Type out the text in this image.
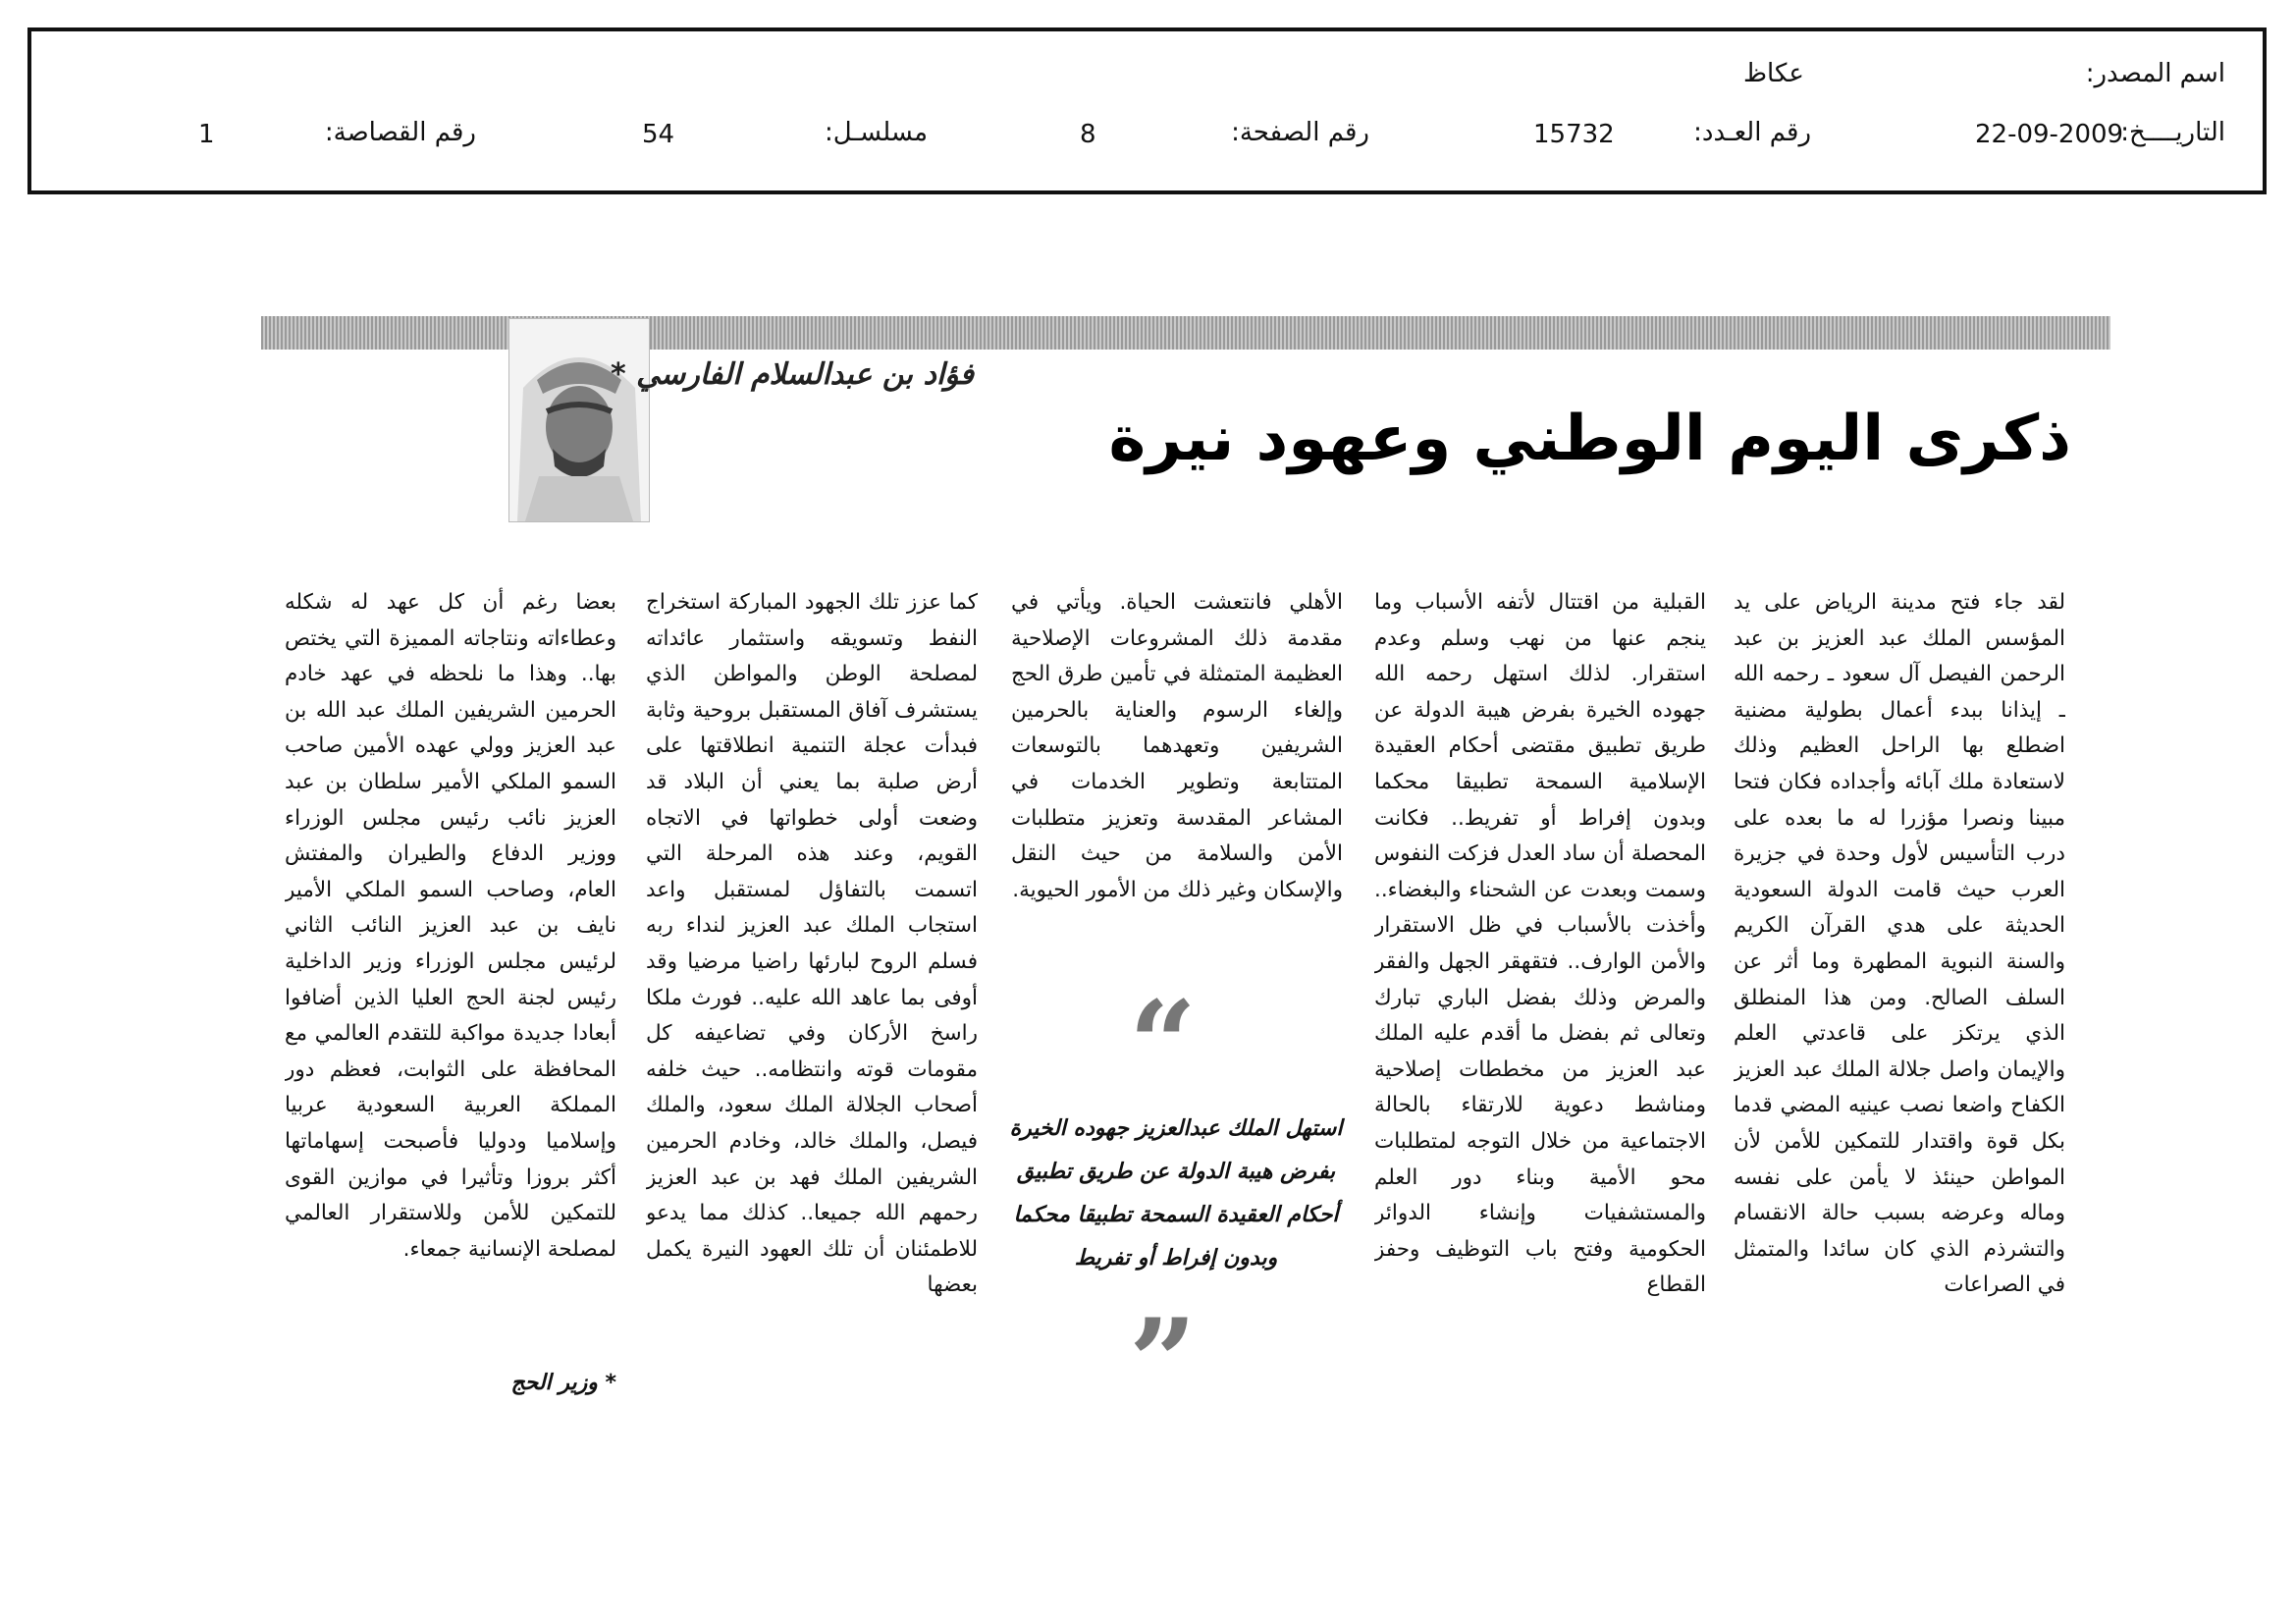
اسم المصدر:
عكاظ
التاريــــخ:
22-09-2009
رقم العـدد:
15732
رقم الصفحة:
8
مسلسـل:
54
رقم القصاصة:
1
فؤاد بن عبدالسلام الفارسي *
ذكرى اليوم الوطني وعهود نيرة

لقد جاء فتح مدينة الرياض على يد المؤسس الملك عبد العزيز بن عبد الرحمن الفيصل آل سعود ـ رحمه الله ـ إيذانا ببدء أعمال بطولية مضنية اضطلع بها الراحل العظيم وذلك لاستعادة ملك آبائه وأجداده فكان فتحا مبينا ونصرا مؤزرا له ما بعده على درب التأسيس لأول وحدة في جزيرة العرب حيث قامت الدولة السعودية الحديثة على هدي القرآن الكريم والسنة النبوية المطهرة وما أثر عن السلف الصالح. ومن هذا المنطلق الذي يرتكز على قاعدتي العلم والإيمان واصل جلالة الملك عبد العزيز الكفاح واضعا نصب عينيه المضي قدما بكل قوة واقتدار للتمكين للأمن لأن المواطن حينئذ لا يأمن على نفسه وماله وعرضه بسبب حالة الانقسام والتشرذم الذي كان سائدا والمتمثل في الصراعات

القبلية من اقتتال لأتفه الأسباب وما ينجم عنها من نهب وسلم وعدم استقرار. لذلك استهل رحمه الله جهوده الخيرة بفرض هيبة الدولة عن طريق تطبيق مقتضى أحكام العقيدة الإسلامية السمحة تطبيقا محكما وبدون إفراط أو تفريط.. فكانت المحصلة أن ساد العدل فزكت النفوس وسمت وبعدت عن الشحناء والبغضاء.. وأخذت بالأسباب في ظل الاستقرار والأمن الوارف.. فتقهقر الجهل والفقر والمرض وذلك بفضل الباري تبارك وتعالى ثم بفضل ما أقدم عليه الملك عبد العزيز من مخططات إصلاحية ومناشط دعوية للارتقاء بالحالة الاجتماعية من خلال التوجه لمتطلبات محو الأمية وبناء دور العلم والمستشفيات وإنشاء الدوائر الحكومية وفتح باب التوظيف وحفز القطاع

الأهلي فانتعشت الحياة. ويأتي في مقدمة ذلك المشروعات الإصلاحية العظيمة المتمثلة في تأمين طرق الحج وإلغاء الرسوم والعناية بالحرمين الشريفين وتعهدهما بالتوسعات المتتابعة وتطوير الخدمات في المشاعر المقدسة وتعزيز متطلبات الأمن والسلامة من حيث النقل والإسكان وغير ذلك من الأمور الحيوية.

كما عزز تلك الجهود المباركة استخراج النفط وتسويقه واستثمار عائداته لمصلحة الوطن والمواطن الذي يستشرف آفاق المستقبل بروحية وثابة فبدأت عجلة التنمية انطلاقتها على أرض صلبة بما يعني أن البلاد قد وضعت أولى خطواتها في الاتجاه القويم، وعند هذه المرحلة التي اتسمت بالتفاؤل لمستقبل واعد استجاب الملك عبد العزيز لنداء ربه فسلم الروح لبارئها راضيا مرضيا وقد أوفى بما عاهد الله عليه.. فورث ملكا راسخ الأركان وفي تضاعيفه كل مقومات قوته وانتظامه.. حيث خلفه أصحاب الجلالة الملك سعود، والملك فيصل، والملك خالد، وخادم الحرمين الشريفين الملك فهد بن عبد العزيز رحمهم الله جميعا.. كذلك مما يدعو للاطمئنان أن تلك العهود النيرة يكمل بعضها

بعضا رغم أن كل عهد له شكله وعطاءاته ونتاجاته المميزة التي يختص بها.. وهذا ما نلحظه في عهد خادم الحرمين الشريفين الملك عبد الله بن عبد العزيز وولي عهده الأمين صاحب السمو الملكي الأمير سلطان بن عبد العزيز نائب رئيس مجلس الوزراء ووزير الدفاع والطيران والمفتش العام، وصاحب السمو الملكي الأمير نايف بن عبد العزيز النائب الثاني لرئيس مجلس الوزراء وزير الداخلية رئيس لجنة الحج العليا الذين أضافوا أبعادا جديدة مواكبة للتقدم العالمي مع المحافظة على الثوابت، فعظم دور المملكة العربية السعودية عربيا وإسلاميا ودوليا فأصبحت إسهاماتها أكثر بروزا وتأثيرا في موازين القوى للتمكين للأمن وللاستقرار العالمي لمصلحة الإنسانية جمعاء.

* وزير الحج
“
استهل الملك عبدالعزيز جهوده الخيرة بفرض هيبة الدولة عن طريق تطبيق أحكام العقيدة السمحة تطبيقا محكما وبدون إفراط أو تفريط
”
